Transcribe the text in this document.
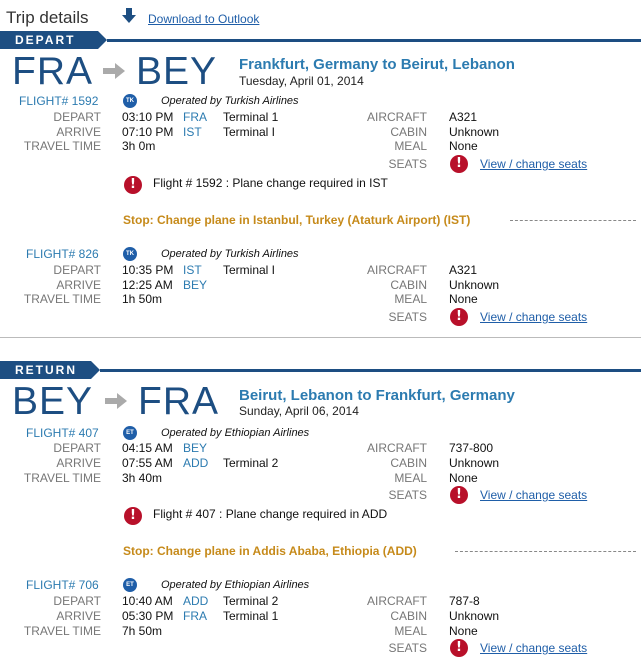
Trip details	Download to Outlook
DEPART
FRA BEY Frankfurt, Germany to Beirut, Lebanon
Tuesday, April 01, 2014
FLIGHT# 1592	TK Operated by Turkish Airlines
DEPART 03:10 PM FRA Terminal 1
ARRIVE 07:10 PM IST Terminal I
TRAVEL TIME 3h 0m
AIRCRAFT A321
CABIN Unknown
MEAL None
SEATS	!	View / change seats
!	Flight # 1592 : Plane change required in IST
Stop: Change plane in Istanbul, Turkey (Ataturk Airport) (IST)
FLIGHT# 826	TK Operated by Turkish Airlines
DEPART 10:35 PM IST Terminal I
ARRIVE 12:25 AM BEY
TRAVEL TIME 1h 50m
AIRCRAFT A321
CABIN Unknown
MEAL None
SEATS	!	View / change seats
RETURN
BEY FRA Beirut, Lebanon to Frankfurt, Germany
Sunday, April 06, 2014
FLIGHT# 407	ET Operated by Ethiopian Airlines
DEPART 04:15 AM BEY
ARRIVE 07:55 AM ADD Terminal 2
TRAVEL TIME 3h 40m
AIRCRAFT 737-800
CABIN Unknown
MEAL None
SEATS	!	View / change seats
!	Flight # 407 : Plane change required in ADD
Stop: Change plane in Addis Ababa, Ethiopia (ADD)
FLIGHT# 706	ET Operated by Ethiopian Airlines
DEPART 10:40 AM ADD Terminal 2
ARRIVE 05:30 PM FRA Terminal 1
TRAVEL TIME 7h 50m
AIRCRAFT 787-8
CABIN Unknown
MEAL None
SEATS	!	View / change seats
